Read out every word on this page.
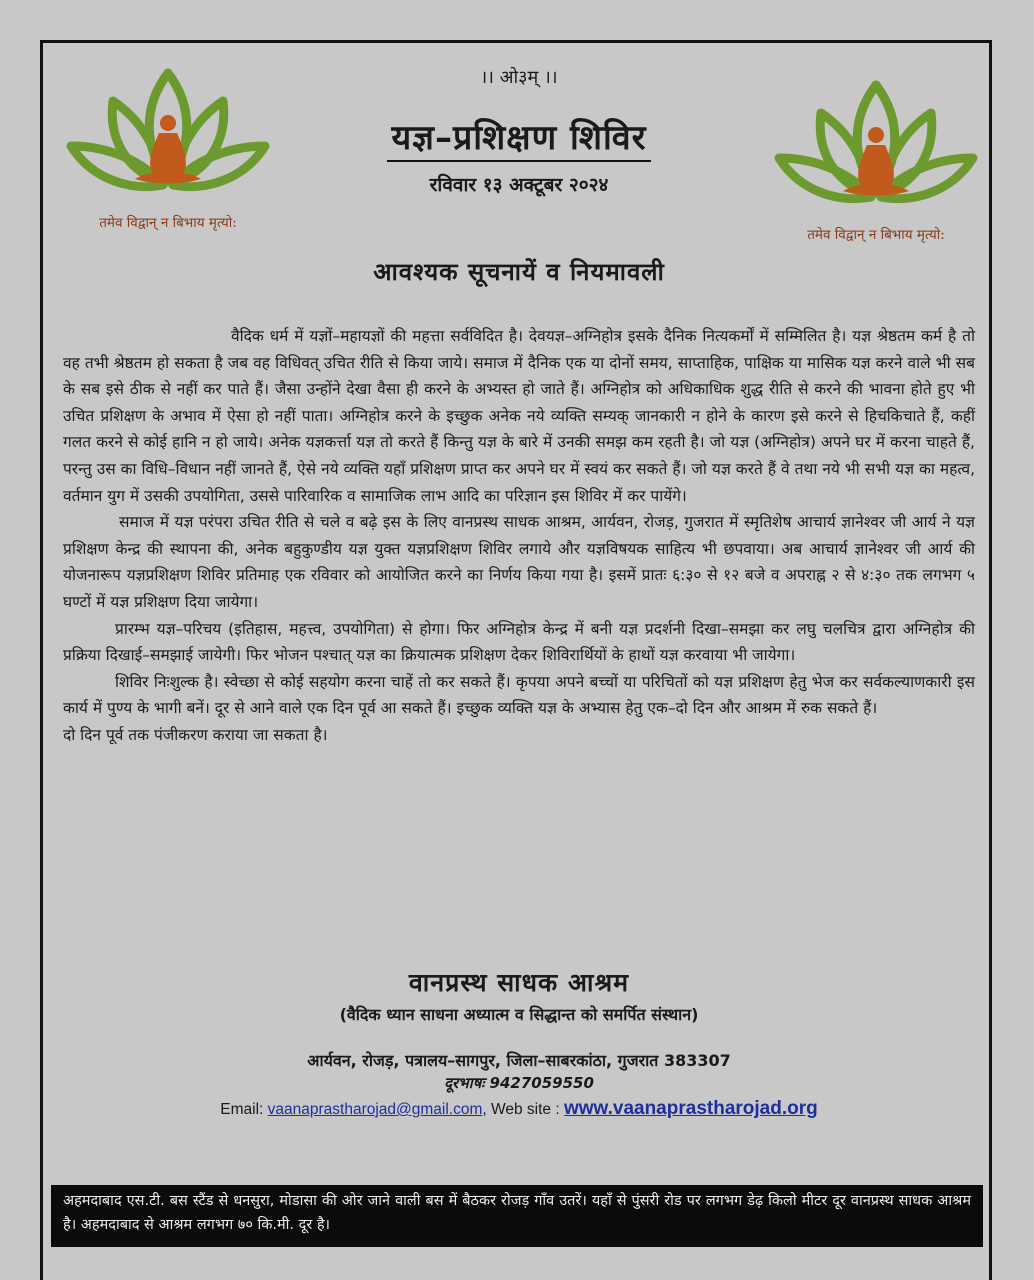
तमेव विद्वान् न बिभाय मृत्यो:
तमेव विद्वान् न बिभाय मृत्यो:
।। ओ३म् ।।
यज्ञ–प्रशिक्षण शिविर
रविवार १३ अक्टूबर २०२४
आवश्यक सूचनायें व नियमावली

वैदिक धर्म में यज्ञों–महायज्ञों की महत्ता सर्वविदित है। देवयज्ञ–अग्निहोत्र इसके दैनिक नित्यकर्मों में सम्मिलित है। यज्ञ श्रेष्ठतम कर्म है तो वह तभी श्रेष्ठतम हो सकता है जब वह विधिवत् उचित रीति से किया जाये। समाज में दैनिक एक या दोनों समय, साप्ताहिक, पाक्षिक या मासिक यज्ञ करने वाले भी सब के सब इसे ठीक से नहीं कर पाते हैं। जैसा उन्होंने देखा वैसा ही करने के अभ्यस्त हो जाते हैं। अग्निहोत्र को अधिकाधिक शुद्ध रीति से करने की भावना होते हुए भी उचित प्रशिक्षण के अभाव में ऐसा हो नहीं पाता। अग्निहोत्र करने के इच्छुक अनेक नये व्यक्ति सम्यक् जानकारी न होने के कारण इसे करने से हिचकिचाते हैं, कहीं गलत करने से कोई हानि न हो जाये। अनेक यज्ञकर्त्ता यज्ञ तो करते हैं किन्तु यज्ञ के बारे में उनकी समझ कम रहती है। जो यज्ञ (अग्निहोत्र) अपने घर में करना चाहते हैं, परन्तु उस का विधि–विधान नहीं जानते हैं, ऐसे नये व्यक्ति यहाँ प्रशिक्षण प्राप्त कर अपने घर में स्वयं कर सकते हैं। जो यज्ञ करते हैं वे तथा नये भी सभी यज्ञ का महत्व, वर्तमान युग में उसकी उपयोगिता, उससे पारिवारिक व सामाजिक लाभ आदि का परिज्ञान इस शिविर में कर पायेंगे।

समाज में यज्ञ परंपरा उचित रीति से चले व बढ़े इस के लिए वानप्रस्थ साधक आश्रम, आर्यवन, रोजड़, गुजरात में स्मृतिशेष आचार्य ज्ञानेश्वर जी आर्य ने यज्ञ प्रशिक्षण केन्द्र की स्थापना की, अनेक बहुकुण्डीय यज्ञ युक्त यज्ञप्रशिक्षण शिविर लगाये और यज्ञविषयक साहित्य भी छपवाया। अब आचार्य ज्ञानेश्वर जी आर्य की योजनारूप यज्ञप्रशिक्षण शिविर प्रतिमाह एक रविवार को आयोजित करने का निर्णय किया गया है। इसमें प्रातः ६:३० से १२ बजे व अपराह्न २ से ४:३० तक लगभग ५ घण्टों में यज्ञ प्रशिक्षण दिया जायेगा।

प्रारम्भ यज्ञ–परिचय (इतिहास, महत्त्व, उपयोगिता) से होगा। फिर अग्निहोत्र केन्द्र में बनी यज्ञ प्रदर्शनी दिखा–समझा कर लघु चलचित्र द्वारा अग्निहोत्र की प्रक्रिया दिखाई–समझाई जायेगी। फिर भोजन पश्चात् यज्ञ का क्रियात्मक प्रशिक्षण देकर शिविरार्थियों के हाथों यज्ञ करवाया भी जायेगा।

शिविर निःशुल्क है। स्वेच्छा से कोई सहयोग करना चाहें तो कर सकते हैं। कृपया अपने बच्चों या परिचितों को यज्ञ प्रशिक्षण हेतु भेज कर सर्वकल्याणकारी इस कार्य में पुण्य के भागी बनें। दूर से आने वाले एक दिन पूर्व आ सकते हैं। इच्छुक व्यक्ति यज्ञ के अभ्यास हेतु एक–दो दिन और आश्रम में रुक सकते हैं।

दो दिन पूर्व तक पंजीकरण कराया जा सकता है।

वानप्रस्थ साधक आश्रम
(वैदिक ध्यान साधना अध्यात्म व सिद्धान्त को समर्पित संस्थान)
आर्यवन, रोजड़, पत्रालय–सागपुर, जिला–साबरकांठा, गुजरात 383307
दूरभाषः 9427059550
Email: vaanaprastharojad@gmail.com, Web site : www.vaanaprastharojad.org
अहमदाबाद एस.टी. बस स्टैंड से धनसुरा, मोडासा की ओर जाने वाली बस में बैठकर रोजड़ गाँव उतरें। यहाँ से पुंसरी रोड पर लगभग डेढ़ किलो मीटर दूर वानप्रस्थ साधक आश्रम है। अहमदाबाद से आश्रम लगभग ७० कि.मी. दूर है।
